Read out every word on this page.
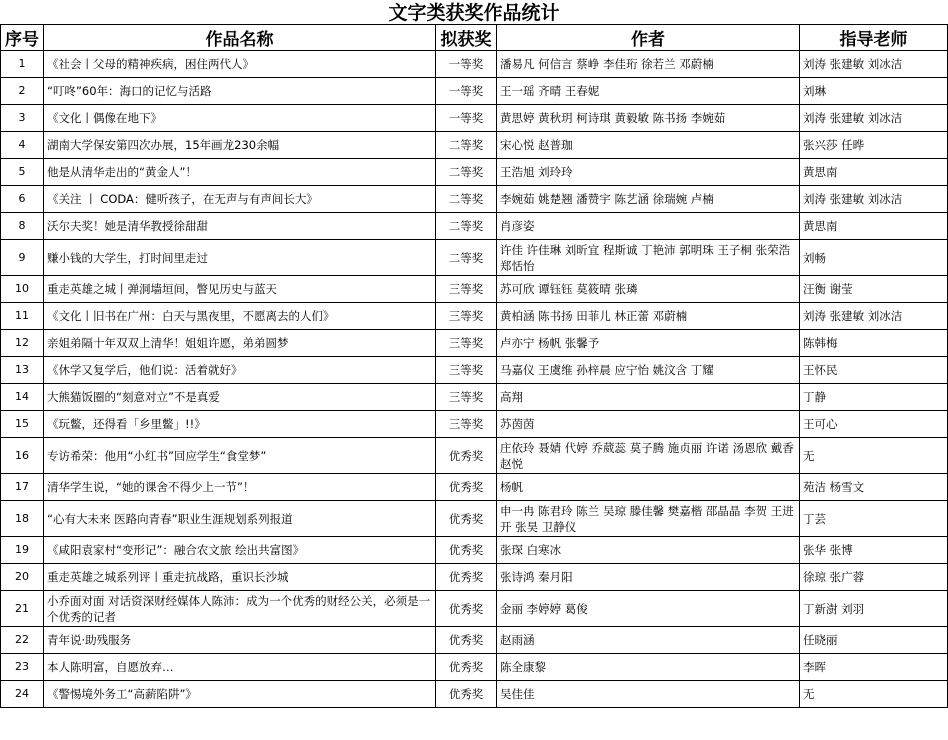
文字类获奖作品统计
序号	作品名称	拟获奖	作者	指导老师
1	《社会丨父母的精神疾病，困住两代人》	一等奖	潘易凡 何信言 蔡峥 李佳珩 徐若兰 邓蔚楠	刘涛 张建敏 刘冰洁
2	“叮咚”60年：海口的记忆与活路	一等奖	王一瑶 齐晴 王春妮	刘琳
3	《文化丨偶像在地下》	一等奖	黄思婷 黄秋玥 柯诗琪 黄毅敏 陈书扬 李婉茹	刘涛 张建敏 刘冰洁
4	湖南大学保安第四次办展，15年画龙230余幅	二等奖	宋心悦 赵普珈	张兴莎 任晔
5	他是从清华走出的“黄金人”！	二等奖	王浩旭 刘玲玲	黄思南
6	《关注 丨 CODA：健听孩子，在无声与有声间长大》	二等奖	李婉茹 姚楚翘 潘赞宇 陈艺涵 徐瑞婉 卢楠	刘涛 张建敏 刘冰洁
8	沃尔夫奖！她是清华教授徐甜甜	二等奖	肖彦姿	黄思南
9	赚小钱的大学生，打时间里走过	二等奖	许佳 许佳琳 刘昕宜 程斯诚 丁艳沛 郭明珠 王子桐 张荣浩 郑恬怡	刘畅
10	重走英雄之城丨弹洞墙垣间，瞥见历史与蓝天	三等奖	苏可欣 谭钰钰 莫筱晴 张璘	汪衡 谢莹
11	《文化丨旧书在广州：白天与黑夜里，不愿离去的人们》	三等奖	黄柏涵 陈书扬 田菲儿 林正蕾 邓蔚楠	刘涛 张建敏 刘冰洁
12	亲姐弟隔十年双双上清华！姐姐许愿，弟弟圆梦	三等奖	卢亦宁 杨帆 张馨予	陈韩梅
13	《休学又复学后，他们说：活着就好》	三等奖	马嘉仪 王虞维 孙梓晨 应宁怡 姚汶含 丁耀	王怀民
14	大熊猫饭圈的“刻意对立”不是真爱	三等奖	高翔	丁静
15	《玩鳖，还得看「乡里鳖」!!》	三等奖	苏茵茵	王可心
16	专访希荣：他用“小红书”回应学生“食堂梦”	优秀奖	庄依玲 聂婧 代婷 乔葳蕊 莫子腾 施贞丽 许诺 汤恩欣 戴香 赵悦	无
17	清华学生说，“她的课舍不得少上一节”！	优秀奖	杨帆	苑洁 杨雪文
18	“心有大未来 医路向青春”职业生涯规划系列报道	优秀奖	申一冉 陈君玲 陈兰 吴琼 滕佳馨 樊嘉楷 邵晶晶 李贺 王进开 张昊 卫静仪	丁芸
19	《咸阳袁家村“变形记”：融合农文旅 绘出共富图》	优秀奖	张琛 白寒冰	张华 张博
20	重走英雄之城系列评丨重走抗战路，重识长沙城	优秀奖	张诗鸿 秦月阳	徐琼 张广蓉
21	小乔面对面 对话资深财经媒体人陈沛：成为一个优秀的财经公关，必须是一个优秀的记者	优秀奖	金丽 李婷婷 葛俊	丁新澍 刘羽
22	青年说·助残服务	优秀奖	赵雨涵	任晓丽
23	本人陈明富，自愿放弃…	优秀奖	陈全康黎	李晖
24	《警惕境外务工“高薪陷阱”》	优秀奖	吴佳佳	无
